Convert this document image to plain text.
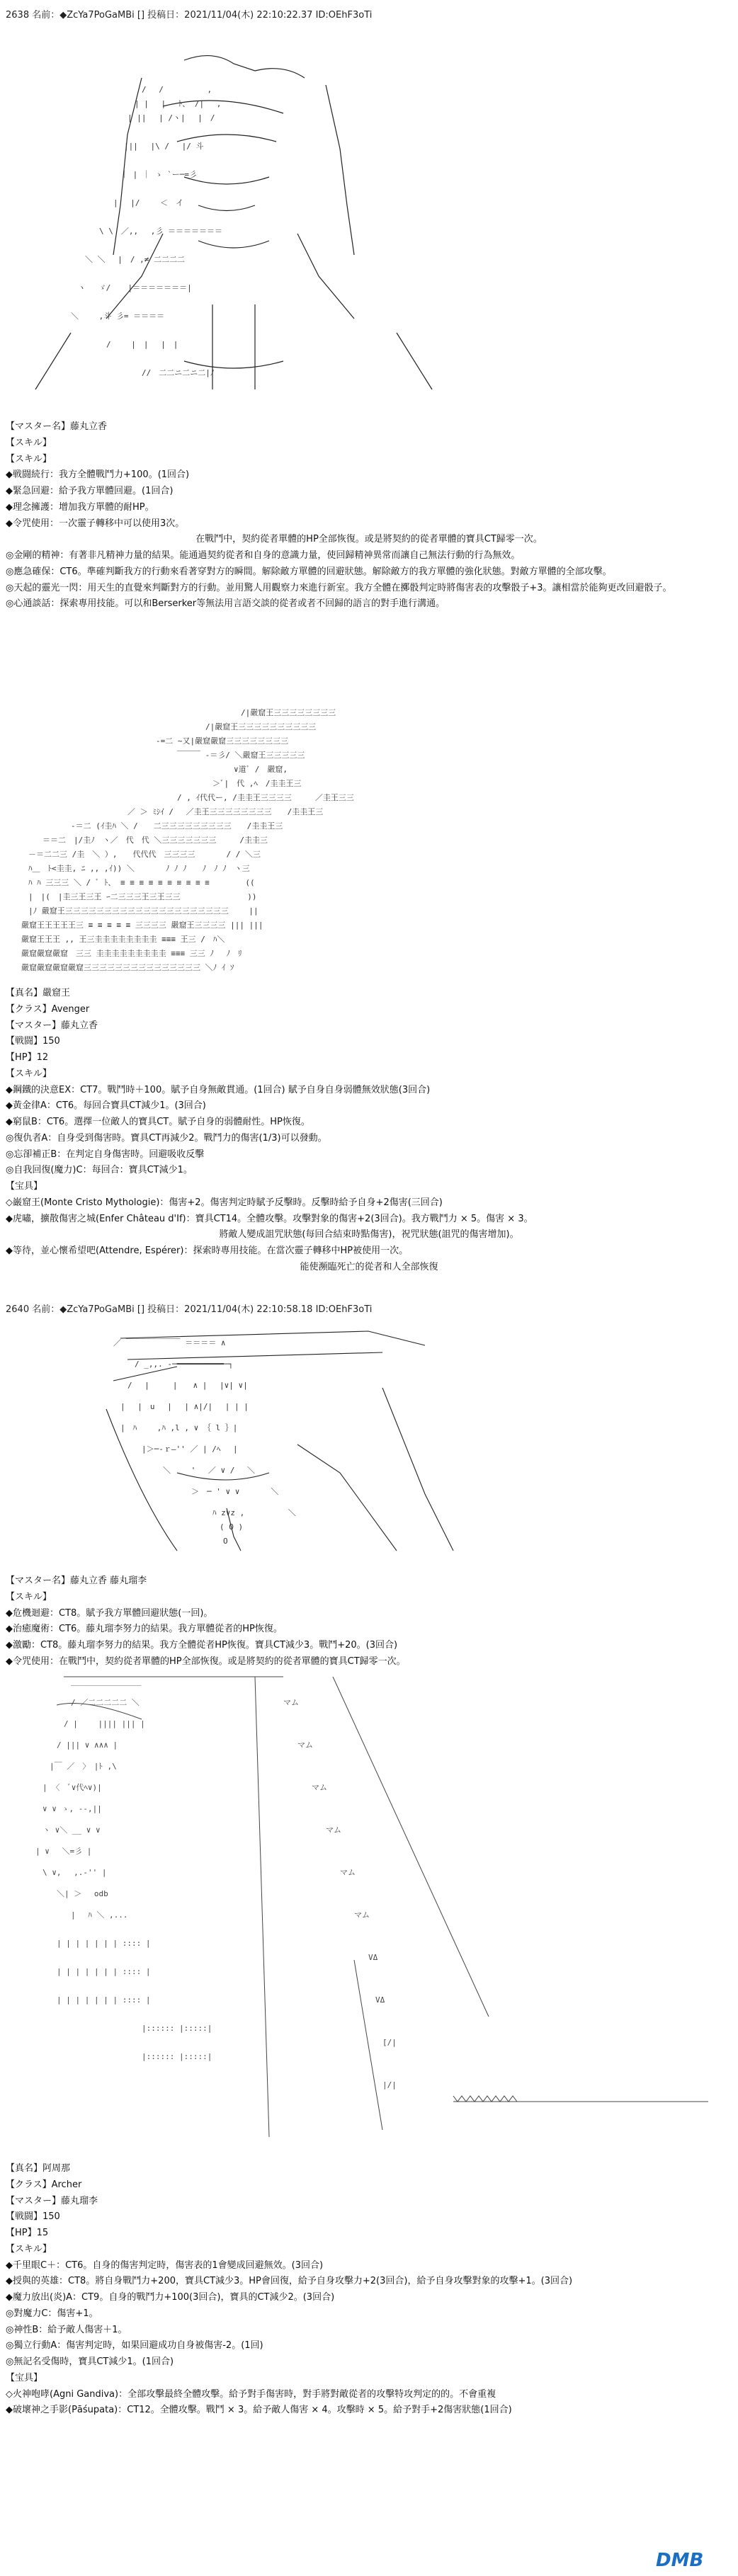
2638 名前：◆ZcYa7PoGaMBi [] 投稿日：2021/11/04(木) 22:10:22.37 ID:OEhF3oTi
/　 /　　　　　 ,
| |　 |　 ﾄ、 /|　 ,
| ||　 | /ヽ|　 |　/
|||　 |\ /　 |/ 斗
｜ | ｜ ゝ `ー─=彡
|　 |/　　 ＜　イ
\ \　／,,　 ,彡 ＝＝＝＝＝＝＝
＼ ＼　 |　/ ,≠ 二二二二
ヽ　 ゞ/ 　 |＝＝＝＝＝＝＝|
＼　　 ,斗 彡= ＝＝＝＝
/　　 |　|　 |　|
//　二二ニ二ニ二|ﾉ
【マスター名】藤丸立香
【スキル】
【スキル】
◆戦闘続行：我方全體戰鬥力+100。(1回合)
◆緊急回避：給予我方單體回避。(1回合)
◆理念擁護：增加我方單體的耐HP。
◆令咒使用：一次靈子轉移中可以使用3次。
在戰鬥中，契約從者單體的HP全部恢復。或是將契約的從者單體的寶具CT歸零一次。
◎金剛的精神：有著非凡精神力量的結果。能通過契約從者和自身的意識力量，使回歸精神異常而讓自己無法行動的行為無效。
◎應急確保：CT6。準確判斷我方的行動來看著穿對方的瞬間。解除敵方單體的回避狀態。解除敵方的我方單體的強化狀態。對敵方單體的全部攻擊。
◎天起的靈光一閃：用天生的直覺來判斷對方的行動。並用驚人用觀察力來進行新室。我方全體在擲骰判定時將傷害表的攻擊骰子+3。讓相當於能夠更改回避骰子。
◎心通談話：探索專用技能。可以和Berserker等無法用言語交談的從者或者不回歸的語言的對手進行溝通。
/|嚴窟王三三三三三三三三
/|嚴窟王三三三三三三三三三三
-=二 ~又|嚴窟嚴窟三三三三三三三三
￣￣￣ -＝彡/ ＼嚴窟王三三三三三
∨道ﾞ /　嚴窟,
＞ﾞ|　代 ,ﾍ　/圭圭王三
/ , ｲ代代ー, /圭圭王三三三三　　　／圭王三三
／ ＞ ﾐｼｲ /　 ／圭王三三三三三三三三　　/圭圭王三
-＝二 (ｲ圭ﾊ ＼ /　　二三三三三三三三三三　　/圭圭王三
＝＝二　|/圭ﾉ　ヽ／　代　代 ＼三三三三三三三　　　/圭圭三
－＝二二三 /圭　＼ ）,　　代代代　三三三三　　　　/ / ＼三
ﾊ＿　ﾄ<圭圭, ﾆ ,, ,ｲ)) ＼　　　　ﾉ ﾉ ﾉ　　ﾉ　ﾉ ﾉ　ヽ三
ﾊ ﾊ 三三三 ＼ / ﾞ ﾄ、 ≡ ≡ ≡ ≡ ≡ ≡ ≡ ≡ ≡ ≡　　　　 ((
|　|(　|圭三王三王 ｰ二三三三王三王三三　　　　　　　　 ))
|ﾉ 嚴窟王三三三三三三三三三三三三三三三三三三三三三　　 ||
嚴窟王王王王王三 ≡ ≡ ≡ ≡ ≡ 三三三三 嚴窟王三三三三 ||| |||
嚴窟王王王 ,, 王三圭圭圭圭圭圭圭圭 ≡≡≡ 王三 /　ﾊ＼
嚴窟嚴窟嚴窟　三三 圭圭圭圭圭圭圭圭圭 ≡≡≡ 三三 ﾉ　 ﾉ　ﾘ
嚴窟嚴窟嚴窟嚴窟三三三三三三三三三三三三三三三 ＼ﾉ ｲ ｿ
【真名】嚴窟王
【クラス】Avenger
【マスター】藤丸立香
【戦闘】150
【HP】12
【スキル】
◆鋼鐵的決意EX：CT7。戰鬥時＋100。賦予自身無敵貫通。(1回合) 賦予自身自身弱體無效狀態(3回合)
◆黃金律A：CT6。每回合寶具CT減少1。(3回合)
◆窮鼠B：CT6。選擇一位敵人的寶具CT。賦予自身的弱體耐性。HP恢復。
◎復仇者A：自身受到傷害時。寶具CT再減少2。戰鬥力的傷害(1/3)可以發動。
◎忘卻補正B：在判定自身傷害時。回避吸收反擊
◎自我回復(魔力)C：每回合：寶具CT減少1。
【宝具】
◇巌窟王(Monte Cristo Mythologie)：傷害+2。傷害判定時賦予反擊時。反擊時給予自身+2傷害(三回合)
◆虎嘯，擴散傷害之城(Enfer Château d'If)：寶具CT14。全體攻擊。攻擊對象的傷害+2(3回合)。我方戰鬥力 × 5。傷害 × 3。
將敵人變成詛咒狀態(每回合結束時點傷害)，祝咒狀態(詛咒的傷害增加)。
◆等待，並心懷希望吧(Attendre, Espérer)：探索時專用技能。在當次靈子轉移中HP被使用一次。
能使瀕臨死亡的從者和人全部恢復
2640 名前：◆ZcYa7PoGaMBi [] 投稿日：2021/11/04(木) 22:10:58.18 ID:OEhF3oTi
／ ￣￣￣￣￣￣￣ ＝＝＝＝ ∧
/ _,,. -─━━━━━━━━━━─┐
/　 |　　　|　　∧ |　 |∨| ∨|
|　 |　u　 |　 | ∧|/|　 | | |
|　ﾊ　　 ,ﾊ ,l , ∨ ｛ l ｝|
|＞─-ｒ―'' ／ | /ﾍ　 |
＼　　 '　 ／ ∨ /　 ＼
＞　─ ' ∨ ∨　　　　＼
ﾊ z∨z ,　　　　　 ＼
( O )
O
【マスター名】藤丸立香 藤丸瑠李
【スキル】
◆危機迴避：CT8。賦予我方單體回避狀態(一回)。
◆治癒魔術：CT6。藤丸瑠李努力的結果。我方單體從者的HP恢復。
◆激勵：CT8。藤丸瑠李努力的結果。我方全體從者HP恢復。寶具CT減少3。戰鬥+20。(3回合)
◆令咒使用：在戰鬥中，契約從者單體的HP全部恢復。或是將契約的從者單體的寶具CT歸零一次。
_______________
/ ／二二二二二 ＼
/ |　　 |||| ||| |
/ ||| ∨ ∧∧∧ |
|￣ ／　〉　|ﾄ ,\
| 〈　ﾞ∨代ﾍ∨)|　
∨ ∨ ゝ, -‐,||
ヽ ∨＼ __ ∨ ∨
| ∨　 ＼=彡 |
\ ∨,　 ,.-'' |
＼| ＞　 odb
|　 ﾊ ＼ ,...
| | | | | | | :::: |
| | | | | | | :::: |
| | | | | | | :::: |
|:::::: |:::::|
|:::::: |:::::|
マム
マム
マム
マム
マム
マム
VΔ
VΔ
[/|
|/|
【真名】阿周那
【クラス】Archer
【マスター】藤丸瑠李
【戦闘】150
【HP】15
【スキル】
◆千里眼C＋：CT6。自身的傷害判定時，傷害表的1會變成回避無效。(3回合)
◆授與的英雄：CT8。將自身戰鬥力+200，寶具CT減少3。HP會回復，給予自身攻擊力+2(3回合)，給予自身攻擊對象的攻擊+1。(3回合)
◆魔力放出(炎)A：CT9。自身的戰鬥力+100(3回合)，寶具的CT減少2。(3回合)
◎對魔力C：傷害+1。
◎神性B：給予敵人傷害＋1。
◎獨立行動A：傷害判定時，如果回避成功自身被傷害-2。(1回)
◎無記名受傷時，寶具CT減少1。(1回合)
【宝具】
◇火神咆哮(Agni Gandiva)：全部攻擊最終全體攻擊。給予對手傷害時，對手將對敵從者的攻擊特攻判定的的。不會重複
◆破壞神之手影(Pāśupata)：CT12。全體攻擊。戰鬥 × 3。給予敵人傷害 × 4。攻擊時 × 5。給予對手+2傷害狀態(1回合)
DMB
